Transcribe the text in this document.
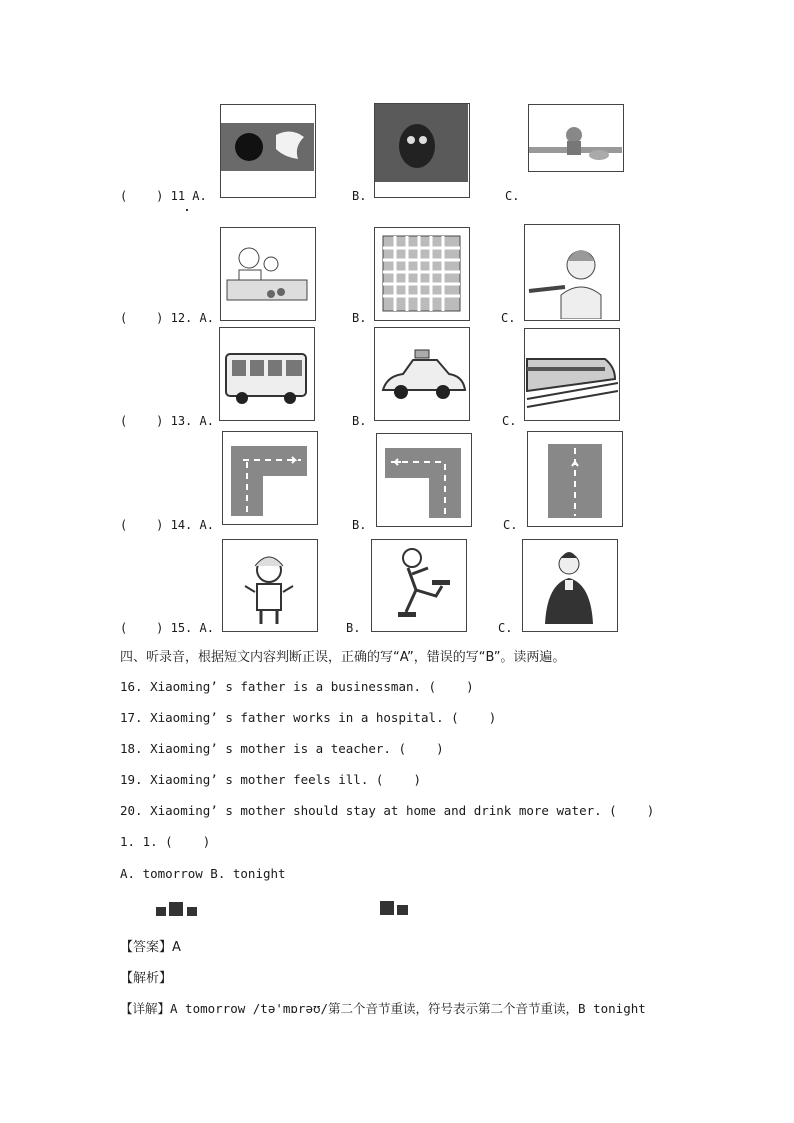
(    ) 11 A.	B.	C.
(    ) 12. A.	B.	C.
(    ) 13. A.	B.	C.
(    ) 14. A.	B.	C.
(    ) 15. A.	B.	C.
四、听录音，根据短文内容判断正误，正确的写“A”，错误的写“B”。读两遍。
16. Xiaoming’ s father is a businessman. (    )
17. Xiaoming’ s father works in a hospital. (    )
18. Xiaoming’ s mother is a teacher. (    )
19. Xiaoming’ s mother feels ill. (    )
20. Xiaoming’ s mother should stay at home and drink more water. (    )
1. 1. (    )
A. tomorrow B. tonight
【答案】A
【解析】
【详解】A tomorrow /tə'mɒrəʊ/第二个音节重读，符号表示第二个音节重读，B tonight
